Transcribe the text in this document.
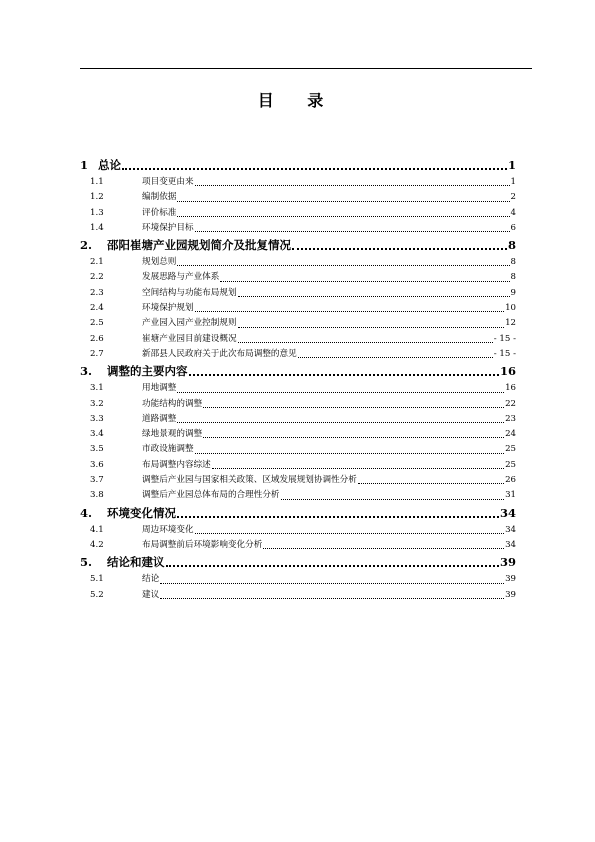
目 录
1 总论	1
1.1	项目变更由来	1
1.2	编制依据	2
1.3	评价标准	4
1.4	环境保护目标	6
2.	邵阳崔塘产业园规划简介及批复情况	8
2.1	规划总则	8
2.2	发展思路与产业体系	8
2.3	空间结构与功能布局规划	9
2.4	环境保护规划	10
2.5	产业园入园产业控制规则	12
2.6	崔塘产业园目前建设概况	- 15 -
2.7	新邵县人民政府关于此次布局调整的意见	- 15 -
3.	调整的主要内容	16
3.1	用地调整	16
3.2	功能结构的调整	22
3.3	道路调整	23
3.4	绿地景观的调整	24
3.5	市政设施调整	25
3.6	布局调整内容综述	25
3.7	调整后产业园与国家相关政策、区域发展规划协调性分析	26
3.8	调整后产业园总体布局的合理性分析	31
4.	环境变化情况	34
4.1	周边环境变化	34
4.2	布局调整前后环境影响变化分析	34
5.	结论和建议	39
5.1	结论	39
5.2	建议	39
